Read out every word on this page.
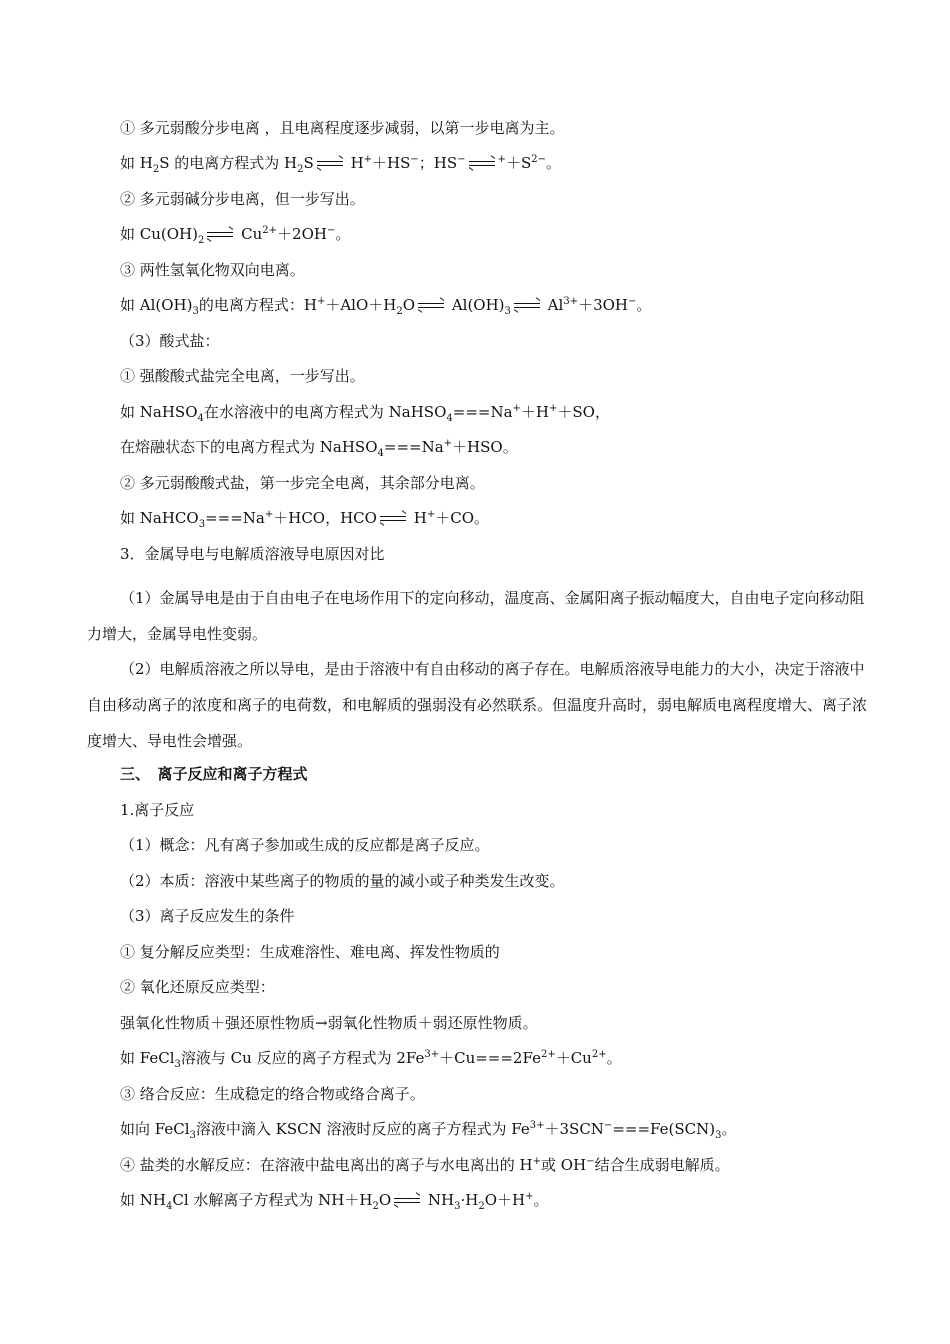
① 多元弱酸分步电离 ，且电离程度逐步减弱，以第一步电离为主。
如 $H_2S$ 的电离方程式为 $H_2S$
H+＋HS−；HS−	$^++S^{2-}$。
② 多元弱碱分步电离，但一步写出。
如 $Cu(OH)_2$
$Cu^{2+}+2OH^-$。
③ 两性氢氧化物双向电离。
如 $Al(OH)_3$的电离方程式：$H^++AlO+H_2O$
$Al(OH)_3$
$Al^{3+}+3OH^-$。
（3）酸式盐：
① 强酸酸式盐完全电离，一步写出。
如 NaHSO$_4$在水溶液中的电离方程式为 NaHSO$_4$===Na+＋H+＋SO，
在熔融状态下的电离方程式为 NaHSO$_4$===Na+＋HSO。
② 多元弱酸酸式盐，第一步完全电离，其余部分电离。
如 NaHCO$_3$===Na+＋HCO，HCO
H+＋CO。
3．金属导电与电解质溶液导电原因对比
（1）金属导电是由于自由电子在电场作用下的定向移动，温度高、金属阳离子振动幅度大，自由电子定向移动阻力增大，金属导电性变弱。
（2）电解质溶液之所以导电，是由于溶液中有自由移动的离子存在。电解质溶液导电能力的大小，决定于溶液中自由移动离子的浓度和离子的电荷数，和电解质的强弱没有必然联系。但温度升高时，弱电解质电离程度增大、离子浓度增大、导电性会增强。
三、　离子反应和离子方程式
1.离子反应
（1）概念：凡有离子参加或生成的反应都是离子反应。
（2）本质：溶液中某些离子的物质的量的减小或子种类发生改变。
（3）离子反应发生的条件
① 复分解反应类型：生成难溶性、难电离、挥发性物质的
② 氧化还原反应类型：
强氧化性物质＋强还原性物质→弱氧化性物质＋弱还原性物质。
如 FeCl$_3$溶液与 Cu 反应的离子方程式为 $2Fe^{3+}+Cu===2Fe^{2+}+Cu^{2+}$。
③ 络合反应：生成稳定的络合物或络合离子。
如向 FeCl$_3$溶液中滴入 KSCN 溶液时反应的离子方程式为 $Fe^{3+}+3SCN^-===Fe(SCN)_3$。
④ 盐类的水解反应：在溶液中盐电离出的离子与水电离出的 H+或 OH−结合生成弱电解质。
如 $NH_4Cl$ 水解离子方程式为 $NH+H_2O$
$NH_3\cdot H_2O+H^+$。
